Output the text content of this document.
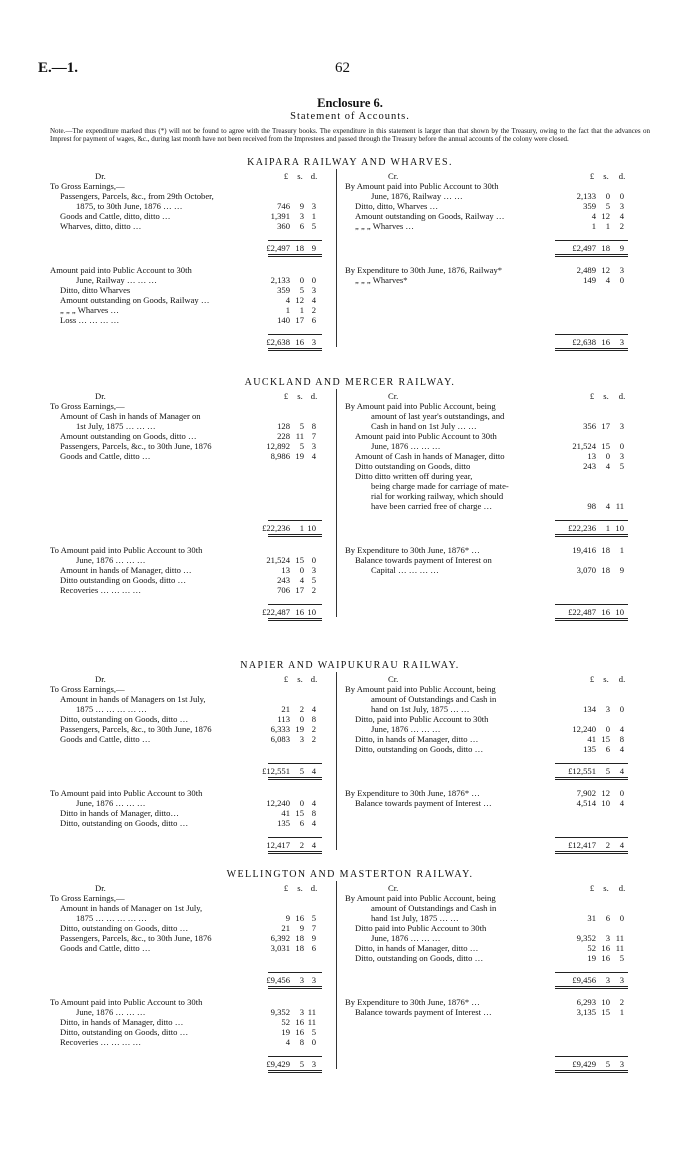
E.—1.	62
Enclosure 6.
Statement of Accounts.
Note.—The expenditure marked thus (*) will not be found to agree with the Treasury books. The expenditure in this statement is larger than that shown by the Treasury, owing to the fact that the advances on Imprest for payment of wages, &c., during last month have not been received from the Imprestees and passed through the Treasury before the annual accounts of the colony were closed.
KAIPARA RAILWAY AND WHARVES.
Dr.	Cr.
£	s. d.	£	s.	d.
To Gross Earnings,—
Passengers, Parcels, &c., from 29th October,
1875, to 30th June, 1876 … …	746	9 3
Goods and Cattle, ditto, ditto …	1,391	3 1
Wharves, ditto, ditto …	360	6 5
By Amount paid into Public Account to 30th
June, 1876, Railway … …	2,133	0	0
Ditto, ditto, Wharves …	359	5	3
Amount outstanding on Goods, Railway …	4 12	4
„ „ „ Wharves …	1	1	2
£2,497 18 9	£2,497 18	9
Amount paid into Public Account to 30th
June, Railway … … …	2,133	0 0
Ditto, ditto Wharves	359	5 3
Amount outstanding on Goods, Railway …	4 12 4
„ „ „ Wharves …	1	1 2
Loss … … … …	140 17 6
By Expenditure to 30th June, 1876, Railway*	2,489 12	3
„ „ „ Wharves*	149	4	0
£2,638 16 3	£2,638 16	3
AUCKLAND AND MERCER RAILWAY.
Dr.	Cr.
£	s. d.	£	s.	d.
To Gross Earnings,—
Amount of Cash in hands of Manager on
1st July, 1875 … … …	128	5 8
Amount outstanding on Goods, ditto …	228 11 7
Passengers, Parcels, &c., to 30th June, 1876	12,892	5 3
Goods and Cattle, ditto …	8,986 19 4
By Amount paid into Public Account, being
amount of last year's outstandings, and
Cash in hand on 1st July … …	356 17	3
Amount paid into Public Account to 30th
June, 1876 … … …	21,524 15	0
Amount of Cash in hands of Manager, ditto	13	0	3
Ditto outstanding on Goods, ditto	243	4	5
Ditto ditto written off during year,
being charge made for carriage of mate-
rial for working railway, which should
have been carried free of charge …	98	4 11
£22,236	1 10	£22,236	1 10
To Amount paid into Public Account to 30th
June, 1876 … … …	21,524 15 0
Amount in hands of Manager, ditto …	13	0 3
Ditto outstanding on Goods, ditto …	243	4 5
Recoveries … … … …	706 17 2
By Expenditure to 30th June, 1876* …	19,416 18	1
Balance towards payment of Interest on
Capital … … … …	3,070 18	9
£22,487 16 10	£22,487 16 10
NAPIER AND WAIPUKURAU RAILWAY.
Dr.	Cr.
£	s. d.	£	s.	d.
To Gross Earnings,—
Amount in hands of Managers on 1st July,
1875 … … … … …	21	2 4
Ditto, outstanding on Goods, ditto …	113	0 8
Passengers, Parcels, &c., to 30th June, 1876	6,333 19 2
Goods and Cattle, ditto …	6,083	3 2
By Amount paid into Public Account, being
amount of Outstandings and Cash in
hand on 1st July, 1875 … …	134	3	0
Ditto, paid into Public Account to 30th
June, 1876 … … …	12,240	0	4
Ditto, in hands of Manager, ditto …	41 15	8
Ditto, outstanding on Goods, ditto …	135	6	4
£12,551	5 4	£12,551	5	4
To Amount paid into Public Account to 30th
June, 1876 … … …	12,240	0 4
Ditto in hands of Manager, ditto…	41 15 8
Ditto, outstanding on Goods, ditto …	135	6 4
By Expenditure to 30th June, 1876* …	7,902 12	0
Balance towards payment of Interest …	4,514 10	4
12,417	2 4	£12,417	2	4
WELLINGTON AND MASTERTON RAILWAY.
Dr.	Cr.
£	s. d.	£	s.	d.
To Gross Earnings,—
Amount in hands of Manager on 1st July,
1875 … … … … …	9 16 5
Ditto, outstanding on Goods, ditto …	21	9 7
Passengers, Parcels, &c., to 30th June, 1876	6,392 18 9
Goods and Cattle, ditto …	3,031 18 6
By Amount paid into Public Account, being
amount of Outstandings and Cash in
hand 1st July, 1875 … …	31	6	0
Ditto paid into Public Account to 30th
June, 1876 … … …	9,352	3 11
Ditto, in hands of Manager, ditto …	52 16 11
Ditto, outstanding on Goods, ditto …	19 16	5
£9,456	3 3	£9,456	3	3
To Amount paid into Public Account to 30th
June, 1876 … … …	9,352	3 11
Ditto, in hands of Manager, ditto …	52 16 11
Ditto, outstanding on Goods, ditto …	19 16 5
Recoveries … … … …	4	8 0
By Expenditure to 30th June, 1876* …	6,293 10	2
Balance towards payment of Interest …	3,135 15	1
£9,429	5 3	£9,429	5	3
